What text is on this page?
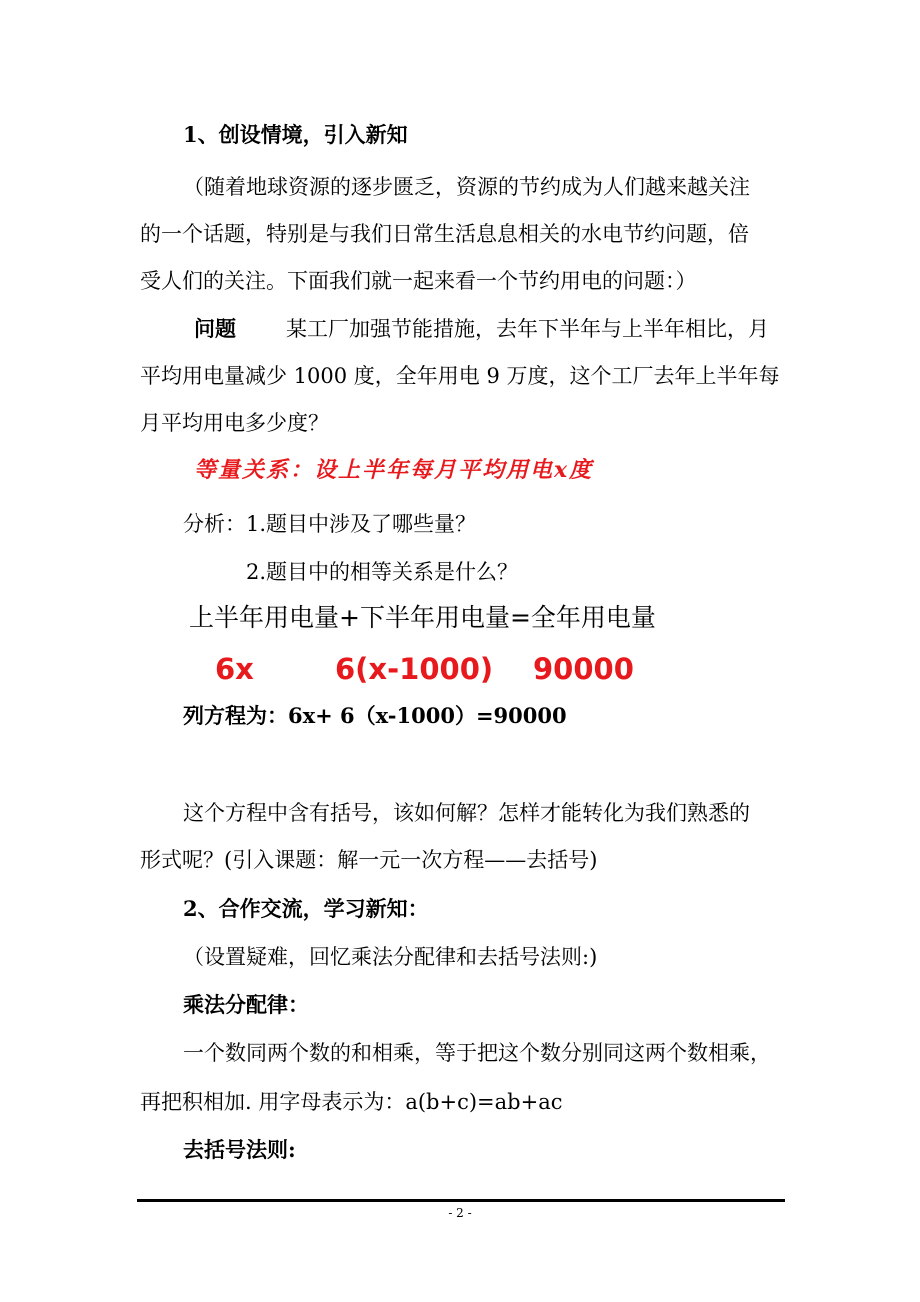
1、创设情境，引入新知
（随着地球资源的逐步匮乏，资源的节约成为人们越来越关注
的一个话题，特别是与我们日常生活息息相关的水电节约问题，倍
受人们的关注。下面我们就一起来看一个节约用电的问题：）
问题 某工厂加强节能措施，去年下半年与上半年相比，月
平均用电量减少 1000 度，全年用电 9 万度，这个工厂去年上半年每
月平均用电多少度？
等量关系：设上半年每月平均用电x度
分析：1.题目中涉及了哪些量？
2.题目中的相等关系是什么？
上半年用电量+下半年用电量=全年用电量
6x	6(x-1000) 90000
列方程为：6x+ 6（x-1000）=90000
这个方程中含有括号，该如何解？怎样才能转化为我们熟悉的
形式呢？(引入课题：解一元一次方程——去括号)
2、合作交流，学习新知：
（设置疑难，回忆乘法分配律和去括号法则:)
乘法分配律：
一个数同两个数的和相乘，等于把这个数分别同这两个数相乘，
再把积相加. 用字母表示为：a(b+c)=ab+ac
去括号法则:
- 2 -
